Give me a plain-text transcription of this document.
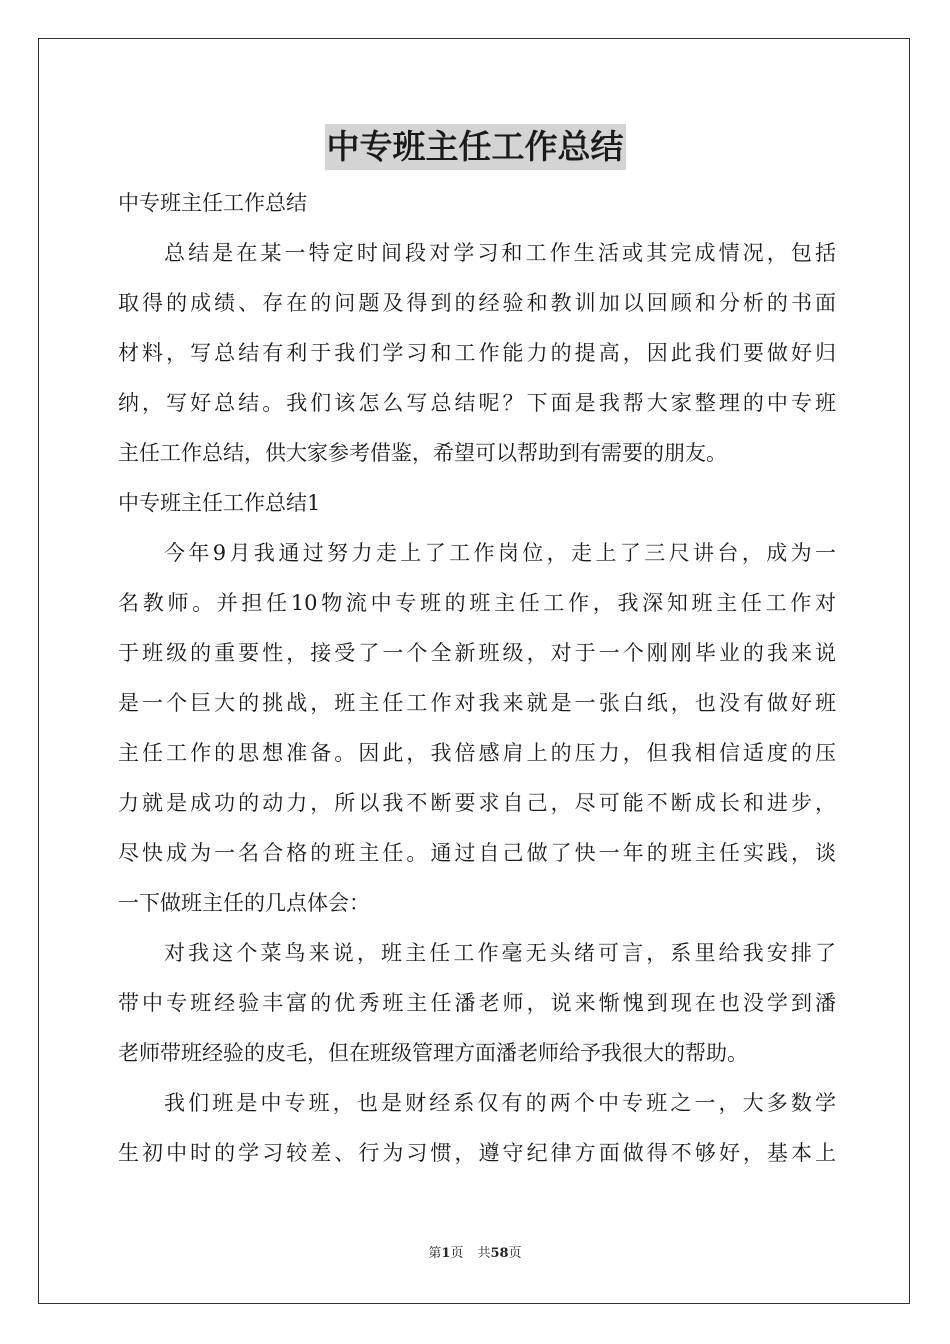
中专班主任工作总结
中专班主任工作总结
总结是在某一特定时间段对学习和工作生活或其完成情况，包括
取得的成绩、存在的问题及得到的经验和教训加以回顾和分析的书面
材料，写总结有利于我们学习和工作能力的提高，因此我们要做好归
纳，写好总结。我们该怎么写总结呢？下面是我帮大家整理的中专班
主任工作总结，供大家参考借鉴，希望可以帮助到有需要的朋友。
中专班主任工作总结1
今年9月我通过努力走上了工作岗位，走上了三尺讲台，成为一
名教师。并担任10物流中专班的班主任工作，我深知班主任工作对
于班级的重要性，接受了一个全新班级，对于一个刚刚毕业的我来说
是一个巨大的挑战，班主任工作对我来就是一张白纸，也没有做好班
主任工作的思想准备。因此，我倍感肩上的压力，但我相信适度的压
力就是成功的动力，所以我不断要求自己，尽可能不断成长和进步，
尽快成为一名合格的班主任。通过自己做了快一年的班主任实践，谈
一下做班主任的几点体会：
对我这个菜鸟来说，班主任工作毫无头绪可言，系里给我安排了
带中专班经验丰富的优秀班主任潘老师，说来惭愧到现在也没学到潘
老师带班经验的皮毛，但在班级管理方面潘老师给予我很大的帮助。
我们班是中专班，也是财经系仅有的两个中专班之一，大多数学
生初中时的学习较差、行为习惯，遵守纪律方面做得不够好，基本上
第1页 共58页
